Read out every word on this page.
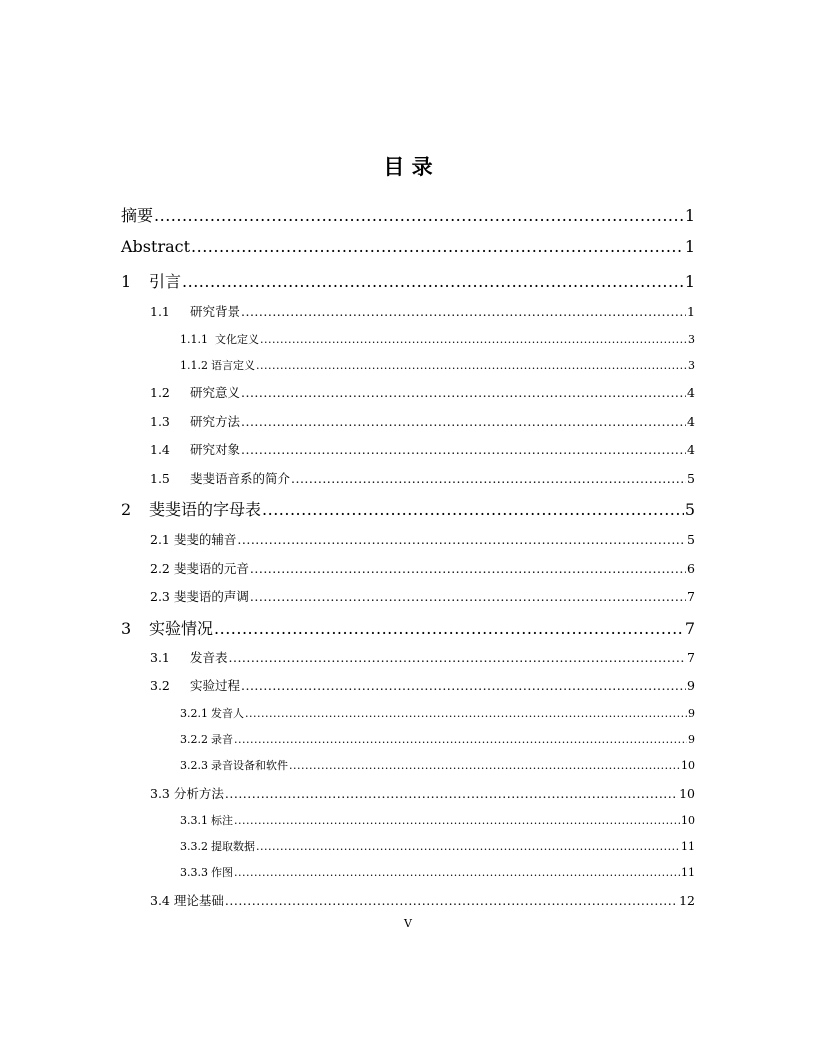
目 录
摘要 .....	1
Abstract .....	1
1	引言 .....	1
1.1	研究背景 .....	1
1.1.1 文化定义 .....	3
1.1.2 语言定义 .....	3
1.2	研究意义 .....	4
1.3	研究方法 .....	4
1.4	研究对象 .....	4
1.5	斐斐语音系的简介 .....	5
2	斐斐语的字母表 .....	5
2.1 斐斐的辅音 .....	5
2.2 斐斐语的元音 .....	6
2.3 斐斐语的声调 .....	7
3	实验情况 .....	7
3.1	发音表 .....	7
3.2	实验过程 .....	9
3.2.1 发音人 .....	9
3.2.2 录音 .....	9
3.2.3 录音设备和软件 .....	10
3.3 分析方法 .....	10
3.3.1 标注 .....	10
3.3.2 提取数据 .....	11
3.3.3 作图 .....	11
3.4 理论基础 .....	12
V
